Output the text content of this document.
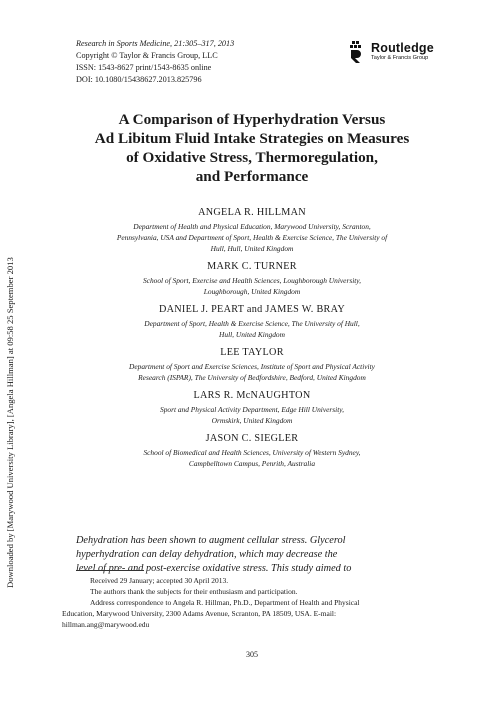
Research in Sports Medicine, 21:305–317, 2013
Copyright © Taylor & Francis Group, LLC
ISSN: 1543-8627 print/1543-8635 online
DOI: 10.1080/15438627.2013.825796
Routledge
Taylor & Francis Group
Downloaded by [Marywood University Library], [Angela Hillman] at 09:58 25 September 2013
A Comparison of Hyperhydration Versus
Ad Libitum Fluid Intake Strategies on Measures
of Oxidative Stress, Thermoregulation,
and Performance
ANGELA R. HILLMAN
Department of Health and Physical Education, Marywood University, Scranton,
Pennsylvania, USA and Department of Sport, Health & Exercise Science, The University of
Hull, Hull, United Kingdom
MARK C. TURNER
School of Sport, Exercise and Health Sciences, Loughborough University,
Loughborough, United Kingdom
DANIEL J. PEART and JAMES W. BRAY
Department of Sport, Health & Exercise Science, The University of Hull,
Hull, United Kingdom
LEE TAYLOR
Department of Sport and Exercise Sciences, Institute of Sport and Physical Activity
Research (ISPAR), The University of Bedfordshire, Bedford, United Kingdom
LARS R. McNAUGHTON
Sport and Physical Activity Department, Edge Hill University,
Ormskirk, United Kingdom
JASON C. SIEGLER
School of Biomedical and Health Sciences, University of Western Sydney,
Campbelltown Campus, Penrith, Australia
Dehydration has been shown to augment cellular stress. Glycerol
hyperhydration can delay dehydration, which may decrease the
level of pre- and post-exercise oxidative stress. This study aimed to
Received 29 January; accepted 30 April 2013.
The authors thank the subjects for their enthusiasm and participation.
Address correspondence to Angela R. Hillman, Ph.D., Department of Health and Physical
Education, Marywood University, 2300 Adams Avenue, Scranton, PA 18509, USA. E-mail:
hillman.ang@marywood.edu
305
